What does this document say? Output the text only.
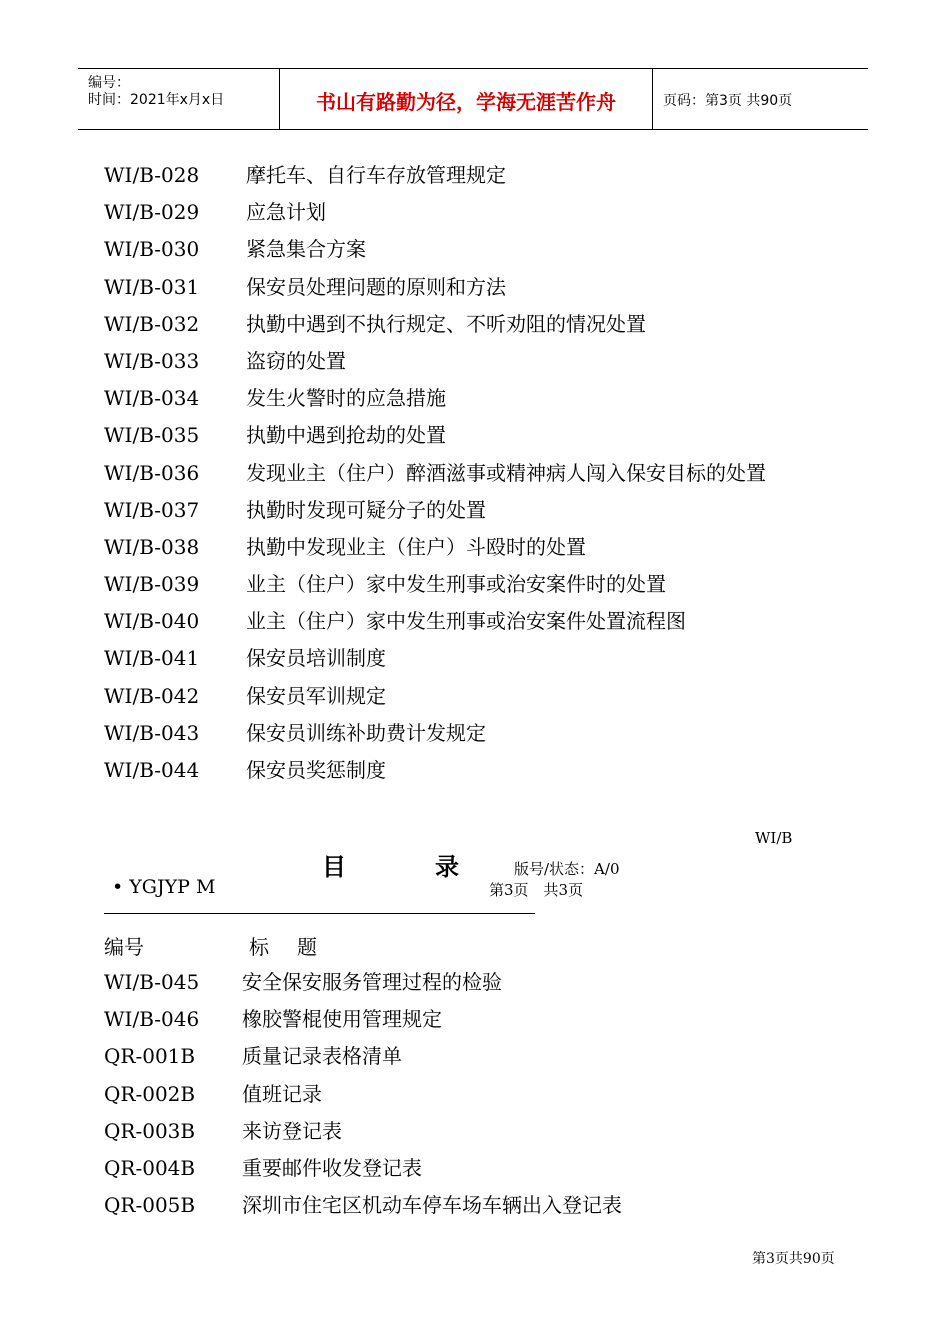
编号：
时间：2021年x月x日	书山有路勤为径，学海无涯苦作舟	页码：第3页 共90页
WI/B-028 摩托车、自行车存放管理规定
WI/B-029 应急计划
WI/B-030 紧急集合方案
WI/B-031 保安员处理问题的原则和方法
WI/B-032 执勤中遇到不执行规定、不听劝阻的情况处置
WI/B-033 盗窃的处置
WI/B-034 发生火警时的应急措施
WI/B-035 执勤中遇到抢劫的处置
WI/B-036 发现业主（住户）醉酒滋事或精神病人闯入保安目标的处置
WI/B-037 执勤时发现可疑分子的处置
WI/B-038 执勤中发现业主（住户）斗殴时的处置
WI/B-039 业主（住户）家中发生刑事或治安案件时的处置
WI/B-040 业主（住户）家中发生刑事或治安案件处置流程图
WI/B-041 保安员培训制度
WI/B-042 保安员军训规定
WI/B-043 保安员训练补助费计发规定
WI/B-044 保安员奖惩制度
WI/B
目	录	版号/状态：A/0
• YGJYP M	第3页　共3页
编号	标 题
WI/B-045安全保安服务管理过程的检验
WI/B-046 橡胶警棍使用管理规定
QR-001B 质量记录表格清单
QR-002B 值班记录
QR-003B 来访登记表
QR-004B 重要邮件收发登记表
QR-005B 深圳市住宅区机动车停车场车辆出入登记表
第3页共90页
